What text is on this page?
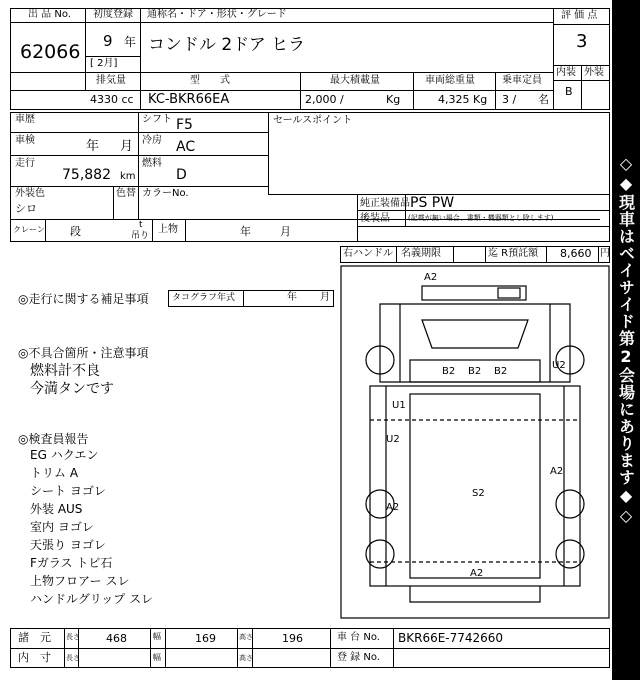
出 品 No.
62066
初度登録
9 年
[ 2月]
通称名・ドア・形状・グレード
コンドル 2ドア ヒラ
評 価 点
3
内装 外装
B
排気量	型　　式	最大積載量	車両総重量	乗車定員
4330 cc KC-BKR66EA	2,000 /	Kg	4,325 Kg 3 / 名
車歴	シフト F5
車検	年 月 冷房 AC
走行
75,882 km
燃料
D
外装色	色替 カラーNo.
シロ
セールスポイント
純正装備品 PS PW
後装品	(記載が無い場合、書類・機器類とし除します)
クレーン 段	t
吊り
上物	年	月
右ハンドル 名義期限	迄 R預託額 8,660 円
◎走行に関する補足事項	タコグラフ年式	年 月
◎不具合箇所・注意事項
燃料計不良
今満タンです
◎検査員報告
EG ハクエン
トリム A
シート ヨゴレ
外装 AUS
室内 ヨゴレ
天張り ヨゴレ
Fガラス トビ石
上物フロアー スレ
ハンドルグリップ スレ
A2
U2
U1
B2 B2 B2
U2
A2
S2
A2
A2
諸　元 長さ 468	幅	169	高さ	196	車 台 No. BKR66E-7742660
内　寸 長さ	幅	高さ	登 録 No.
◇◆現車はベイサイド第2会場にあります◆◇
